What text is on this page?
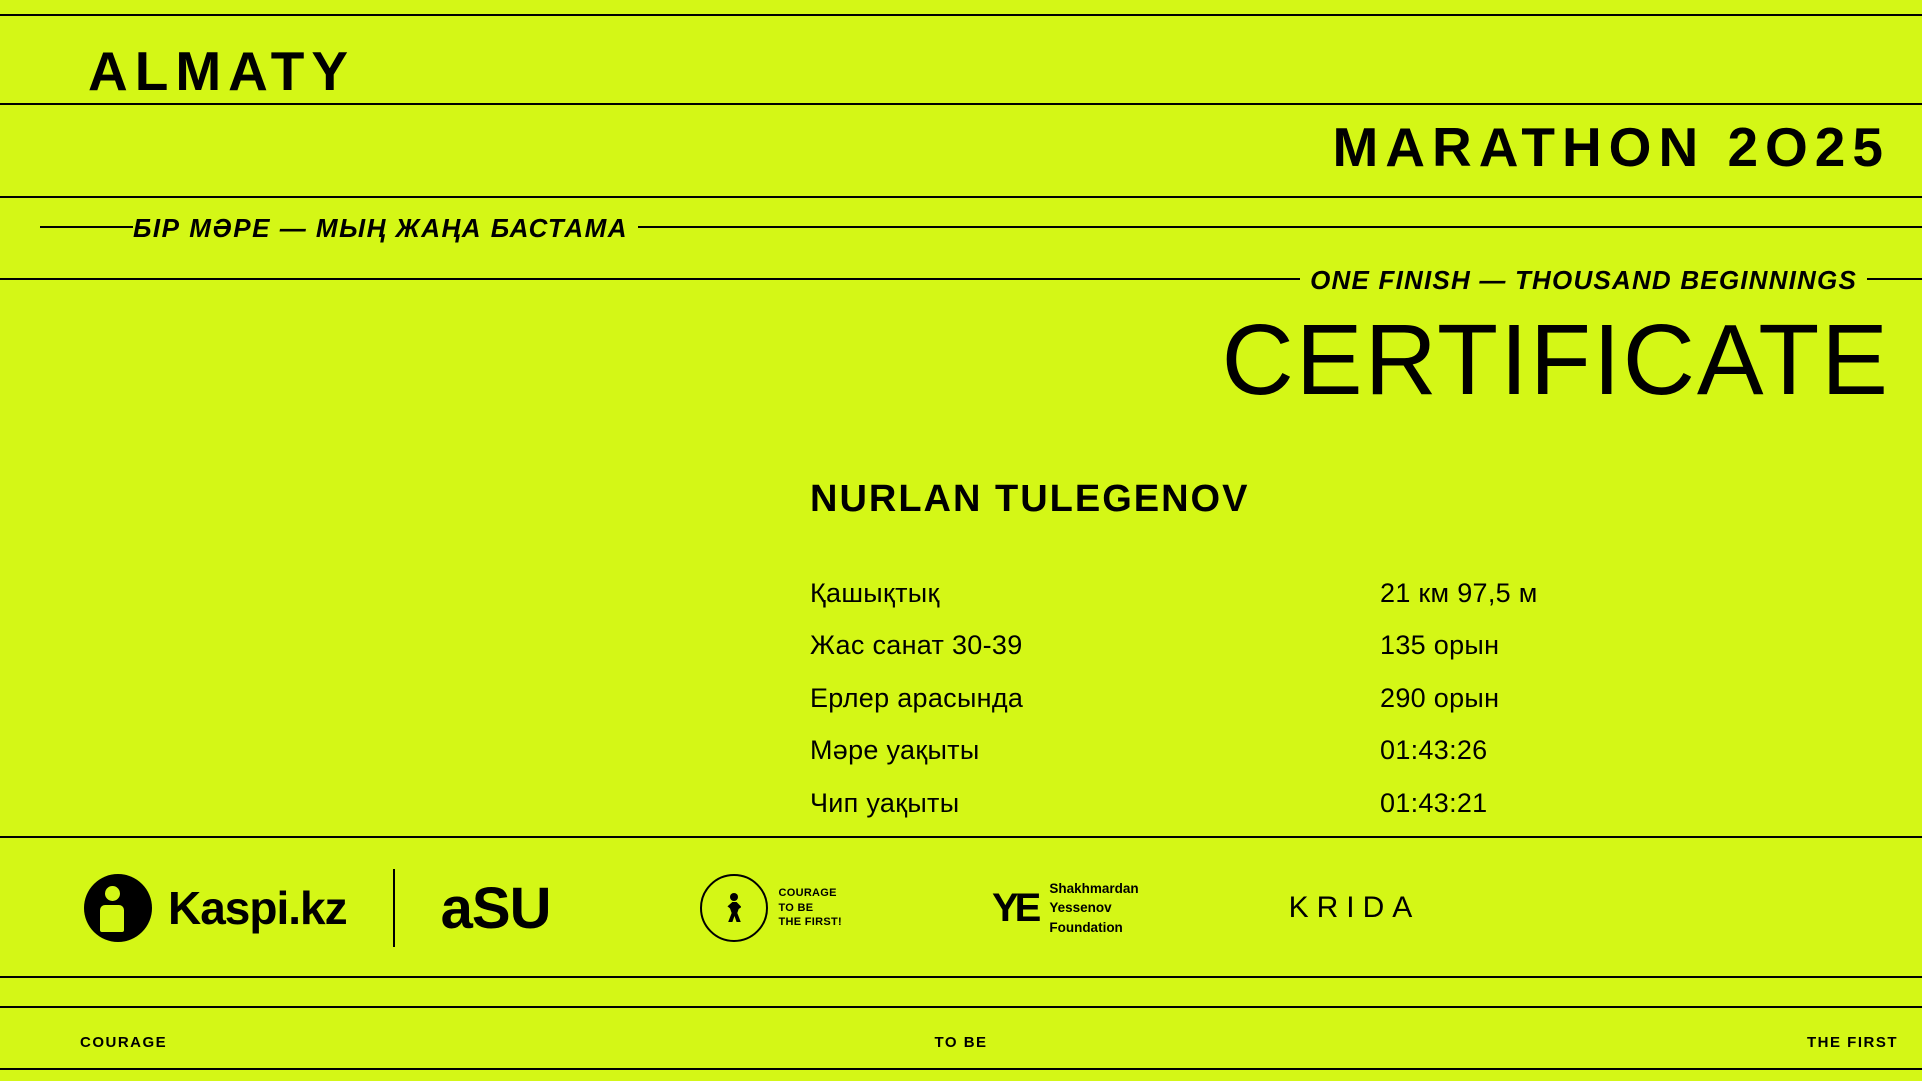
ALMATY
MARATHON 2O25
БІР МӘРЕ — МЫҢ ЖАҢА БАСТАМА
ONE FINISH — THOUSAND BEGINNINGS
CERTIFICATE
NURLAN TULEGENOV
Қашықтық	21 км 97,5 м
Жас санат 30-39	135 орын
Ерлер арасында	290 орын
Мәре уақыты	01:43:26
Чип уақыты	01:43:21
Kaspi.kz aSU	COURAGE
TO BE
THE FIRST!	YE Shakhmardan
Yessenov
Foundation
KRIDA
COURAGE	TO BE	THE FIRST
